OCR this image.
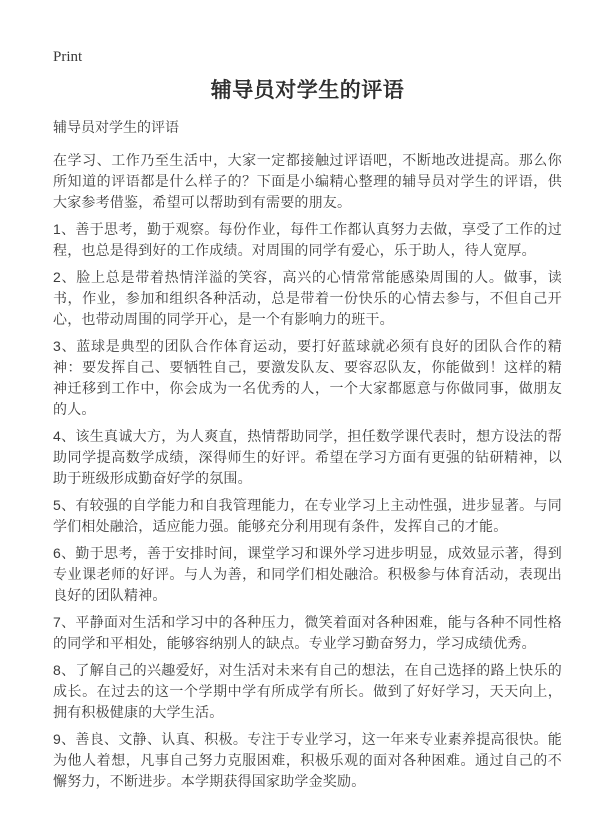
Print
辅导员对学生的评语
辅导员对学生的评语

在学习、工作乃至生活中，大家一定都接触过评语吧，不断地改进提高。那么你所知道的评语都是什么样子的？下面是小编精心整理的辅导员对学生的评语，供大家参考借鉴，希望可以帮助到有需要的朋友。

1、善于思考，勤于观察。每份作业，每件工作都认真努力去做，享受了工作的过程，也总是得到好的工作成绩。对周围的同学有爱心，乐于助人，待人宽厚。

2、脸上总是带着热情洋溢的笑容，高兴的心情常常能感染周围的人。做事，读书，作业，参加和组织各种活动，总是带着一份快乐的心情去参与，不但自己开心，也带动周围的同学开心，是一个有影响力的班干。

3、蓝球是典型的团队合作体育运动，要打好蓝球就必须有良好的团队合作的精神：要发挥自己、要牺牲自己，要激发队友、要容忍队友，你能做到！这样的精神迁移到工作中，你会成为一名优秀的人，一个大家都愿意与你做同事，做朋友的人。

4、该生真诚大方，为人爽直，热情帮助同学，担任数学课代表时，想方设法的帮助同学提高数学成绩，深得师生的好评。希望在学习方面有更强的钻研精神，以助于班级形成勤奋好学的氛围。

5、有较强的自学能力和自我管理能力，在专业学习上主动性强，进步显著。与同学们相处融洽，适应能力强。能够充分利用现有条件，发挥自己的才能。

6、勤于思考，善于安排时间，课堂学习和课外学习进步明显，成效显示著，得到专业课老师的好评。与人为善，和同学们相处融洽。积极参与体育活动，表现出良好的团队精神。

7、平静面对生活和学习中的各种压力，微笑着面对各种困难，能与各种不同性格的同学和平相处，能够容纳别人的缺点。专业学习勤奋努力，学习成绩优秀。

8、了解自己的兴趣爱好，对生活对未来有自己的想法，在自己选择的路上快乐的成长。在过去的这一个学期中学有所成学有所长。做到了好好学习，天天向上，拥有积极健康的大学生活。

9、善良、文静、认真、积极。专注于专业学习，这一年来专业素养提高很快。能为他人着想，凡事自己努力克服困难，积极乐观的面对各种困难。通过自己的不懈努力，不断进步。本学期获得国家助学金奖励。
